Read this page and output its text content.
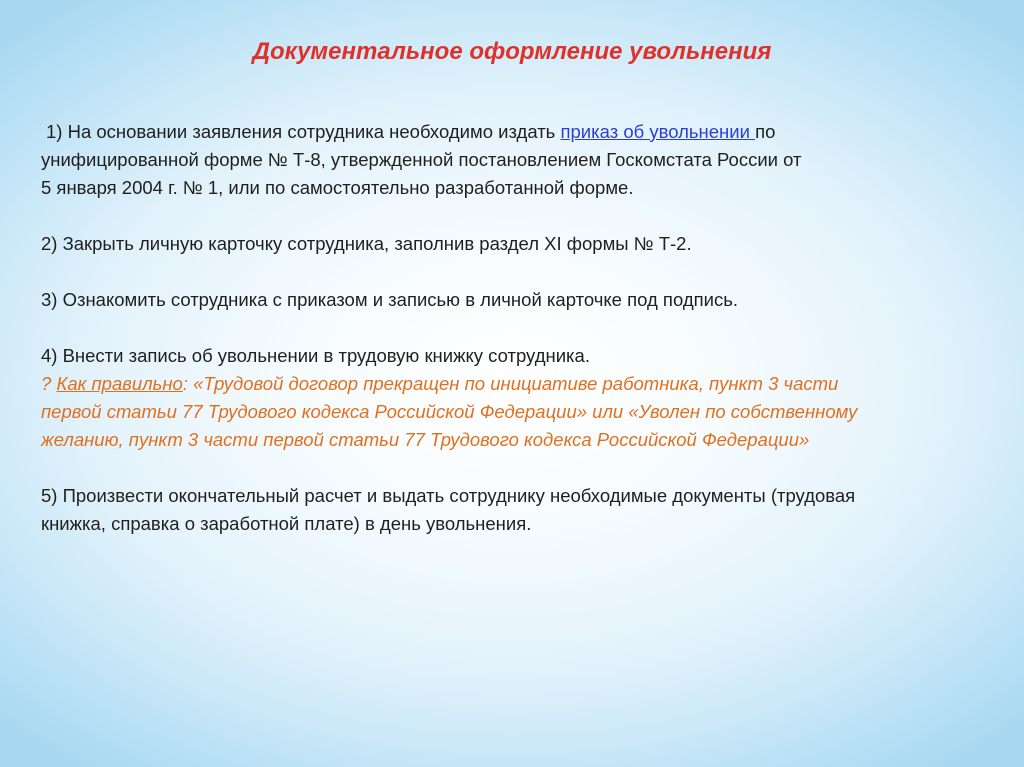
Документальное оформление увольнения

1) На основании заявления сотрудника необходимо издать приказ об увольнении по

унифицированной форме № Т-8, утвержденной постановлением Госкомстата России от

5 января 2004 г. № 1, или по самостоятельно разработанной форме.

2) Закрыть личную карточку сотрудника, заполнив раздел XI формы № Т-2.

3) Ознакомить сотрудника с приказом и записью в личной карточке под подпись.

4) Внести запись об увольнении в трудовую книжку сотрудника.

? Как правильно: «Трудовой договор прекращен по инициативе работника, пункт 3 части

первой статьи 77 Трудового кодекса Российской Федерации» или «Уволен по собственному

желанию, пункт 3 части первой статьи 77 Трудового кодекса Российской Федерации»

5) Произвести окончательный расчет и выдать сотруднику необходимые документы (трудовая

книжка, справка о заработной плате) в день увольнения.
